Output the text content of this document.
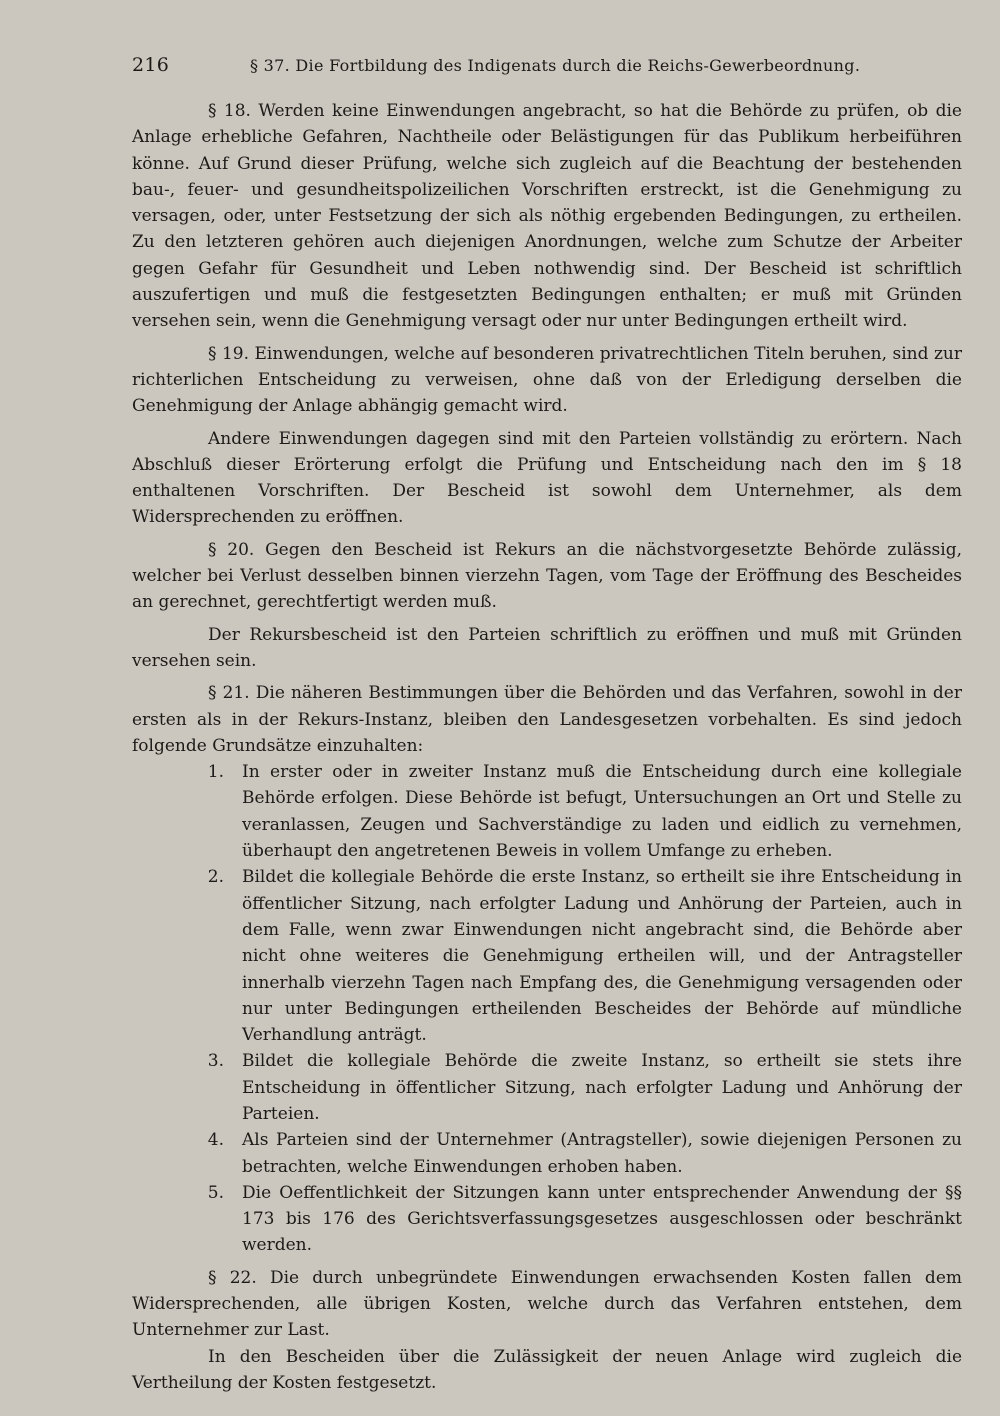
216	§ 37. Die Fortbildung des Indigenats durch die Reichs-Gewerbeordnung.

§ 18. Werden keine Einwendungen angebracht, so hat die Behörde zu prüfen, ob die Anlage erhebliche Gefahren, Nachtheile oder Belästigungen für das Publikum herbeiführen könne. Auf Grund dieser Prüfung, welche sich zugleich auf die Beachtung der bestehenden bau-, feuer- und gesundheitspolizeilichen Vorschriften erstreckt, ist die Genehmigung zu versagen, oder, unter Festsetzung der sich als nöthig ergebenden Bedingungen, zu ertheilen. Zu den letzteren gehören auch diejenigen Anordnungen, welche zum Schutze der Arbeiter gegen Gefahr für Gesundheit und Leben nothwendig sind. Der Bescheid ist schriftlich auszufertigen und muß die festgesetzten Bedingungen enthalten; er muß mit Gründen versehen sein, wenn die Genehmigung versagt oder nur unter Bedingungen ertheilt wird.

§ 19. Einwendungen, welche auf besonderen privatrechtlichen Titeln beruhen, sind zur richterlichen Entscheidung zu verweisen, ohne daß von der Erledigung derselben die Genehmigung der Anlage abhängig gemacht wird.

Andere Einwendungen dagegen sind mit den Parteien vollständig zu erörtern. Nach Abschluß dieser Erörterung erfolgt die Prüfung und Entscheidung nach den im § 18 enthaltenen Vorschriften. Der Bescheid ist sowohl dem Unternehmer, als dem Widersprechenden zu eröffnen.

§ 20. Gegen den Bescheid ist Rekurs an die nächstvorgesetzte Behörde zulässig, welcher bei Verlust desselben binnen vierzehn Tagen, vom Tage der Eröffnung des Bescheides an gerechnet, gerechtfertigt werden muß.

Der Rekursbescheid ist den Parteien schriftlich zu eröffnen und muß mit Gründen versehen sein.

§ 21. Die näheren Bestimmungen über die Behörden und das Verfahren, sowohl in der ersten als in der Rekurs-Instanz, bleiben den Landesgesetzen vorbehalten. Es sind jedoch folgende Grundsätze einzuhalten:

1.	In erster oder in zweiter Instanz muß die Entscheidung durch eine kollegiale Behörde erfolgen. Diese Behörde ist befugt, Untersuchungen an Ort und Stelle zu veranlassen, Zeugen und Sachverständige zu laden und eidlich zu vernehmen, überhaupt den angetretenen Beweis in vollem Umfange zu erheben.
2.	Bildet die kollegiale Behörde die erste Instanz, so ertheilt sie ihre Entscheidung in öffentlicher Sitzung, nach erfolgter Ladung und Anhörung der Parteien, auch in dem Falle, wenn zwar Einwendungen nicht angebracht sind, die Behörde aber nicht ohne weiteres die Genehmigung ertheilen will, und der Antragsteller innerhalb vierzehn Tagen nach Empfang des, die Genehmigung versagenden oder nur unter Bedingungen ertheilenden Bescheides der Behörde auf mündliche Verhandlung anträgt.
3.	Bildet die kollegiale Behörde die zweite Instanz, so ertheilt sie stets ihre Entscheidung in öffentlicher Sitzung, nach erfolgter Ladung und Anhörung der Parteien.
4.	Als Parteien sind der Unternehmer (Antragsteller), sowie diejenigen Personen zu betrachten, welche Einwendungen erhoben haben.
5.	Die Oeffentlichkeit der Sitzungen kann unter entsprechender Anwendung der §§ 173 bis 176 des Gerichtsverfassungsgesetzes ausgeschlossen oder beschränkt werden.

§ 22. Die durch unbegründete Einwendungen erwachsenden Kosten fallen dem Widersprechenden, alle übrigen Kosten, welche durch das Verfahren entstehen, dem Unternehmer zur Last.

In den Bescheiden über die Zulässigkeit der neuen Anlage wird zugleich die Vertheilung der Kosten festgesetzt.
